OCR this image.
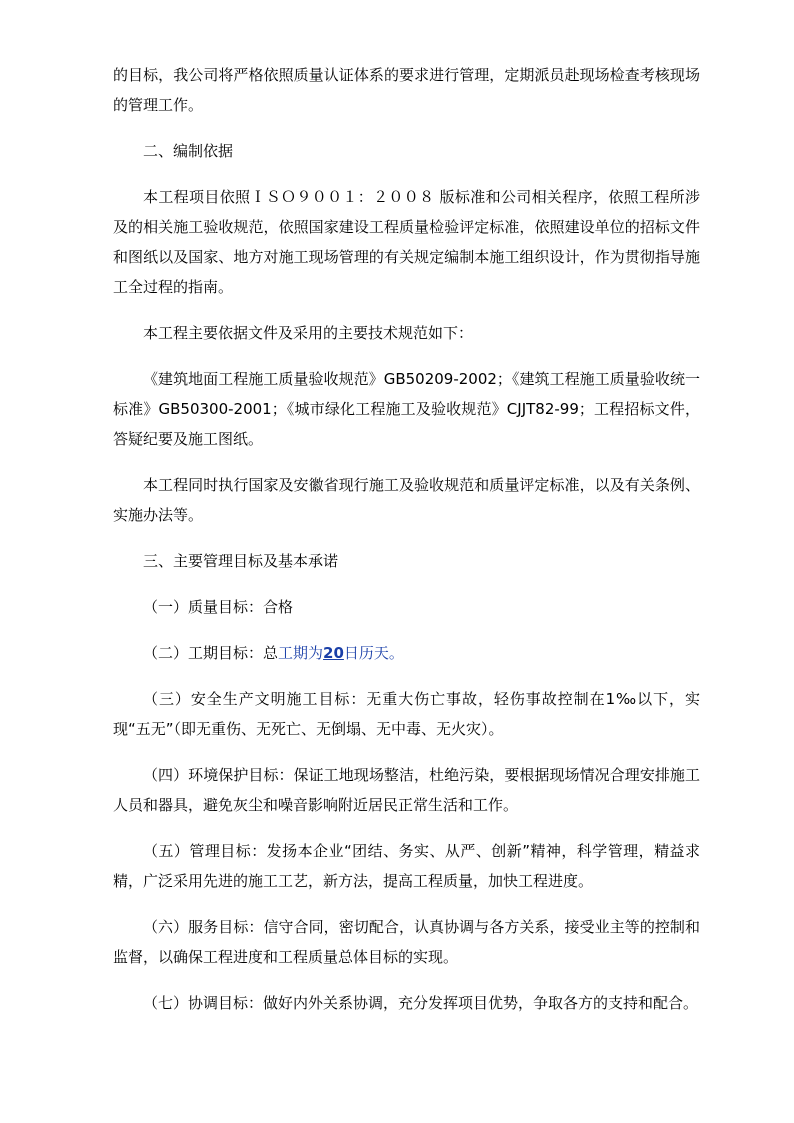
的目标，我公司将严格依照质量认证体系的要求进行管理，定期派员赴现场检查考核现场的管理工作。

二、编制依据

本工程项目依照ＩＳＯ９００１：２００８ 版标准和公司相关程序，依照工程所涉及的相关施工验收规范，依照国家建设工程质量检验评定标准，依照建设单位的招标文件和图纸以及国家、地方对施工现场管理的有关规定编制本施工组织设计，作为贯彻指导施工全过程的指南。

本工程主要依据文件及采用的主要技术规范如下：

《建筑地面工程施工质量验收规范》GB50209-2002；《建筑工程施工质量验收统一标准》GB50300-2001；《城市绿化工程施工及验收规范》CJJT82-99；工程招标文件，答疑纪要及施工图纸。

本工程同时执行国家及安徽省现行施工及验收规范和质量评定标准，以及有关条例、实施办法等。

三、主要管理目标及基本承诺

（一）质量目标：合格

（二）工期目标：总工期为20日历天。

（三）安全生产文明施工目标：无重大伤亡事故，轻伤事故控制在1‰以下，实现“五无”（即无重伤、无死亡、无倒塌、无中毒、无火灾）。

（四）环境保护目标：保证工地现场整洁，杜绝污染，要根据现场情况合理安排施工人员和器具，避免灰尘和噪音影响附近居民正常生活和工作。

（五）管理目标：发扬本企业“团结、务实、从严、创新”精神，科学管理，精益求精，广泛采用先进的施工工艺，新方法，提高工程质量，加快工程进度。

（六）服务目标：信守合同，密切配合，认真协调与各方关系，接受业主等的控制和监督，以确保工程进度和工程质量总体目标的实现。

（七）协调目标：做好内外关系协调，充分发挥项目优势，争取各方的支持和配合。
